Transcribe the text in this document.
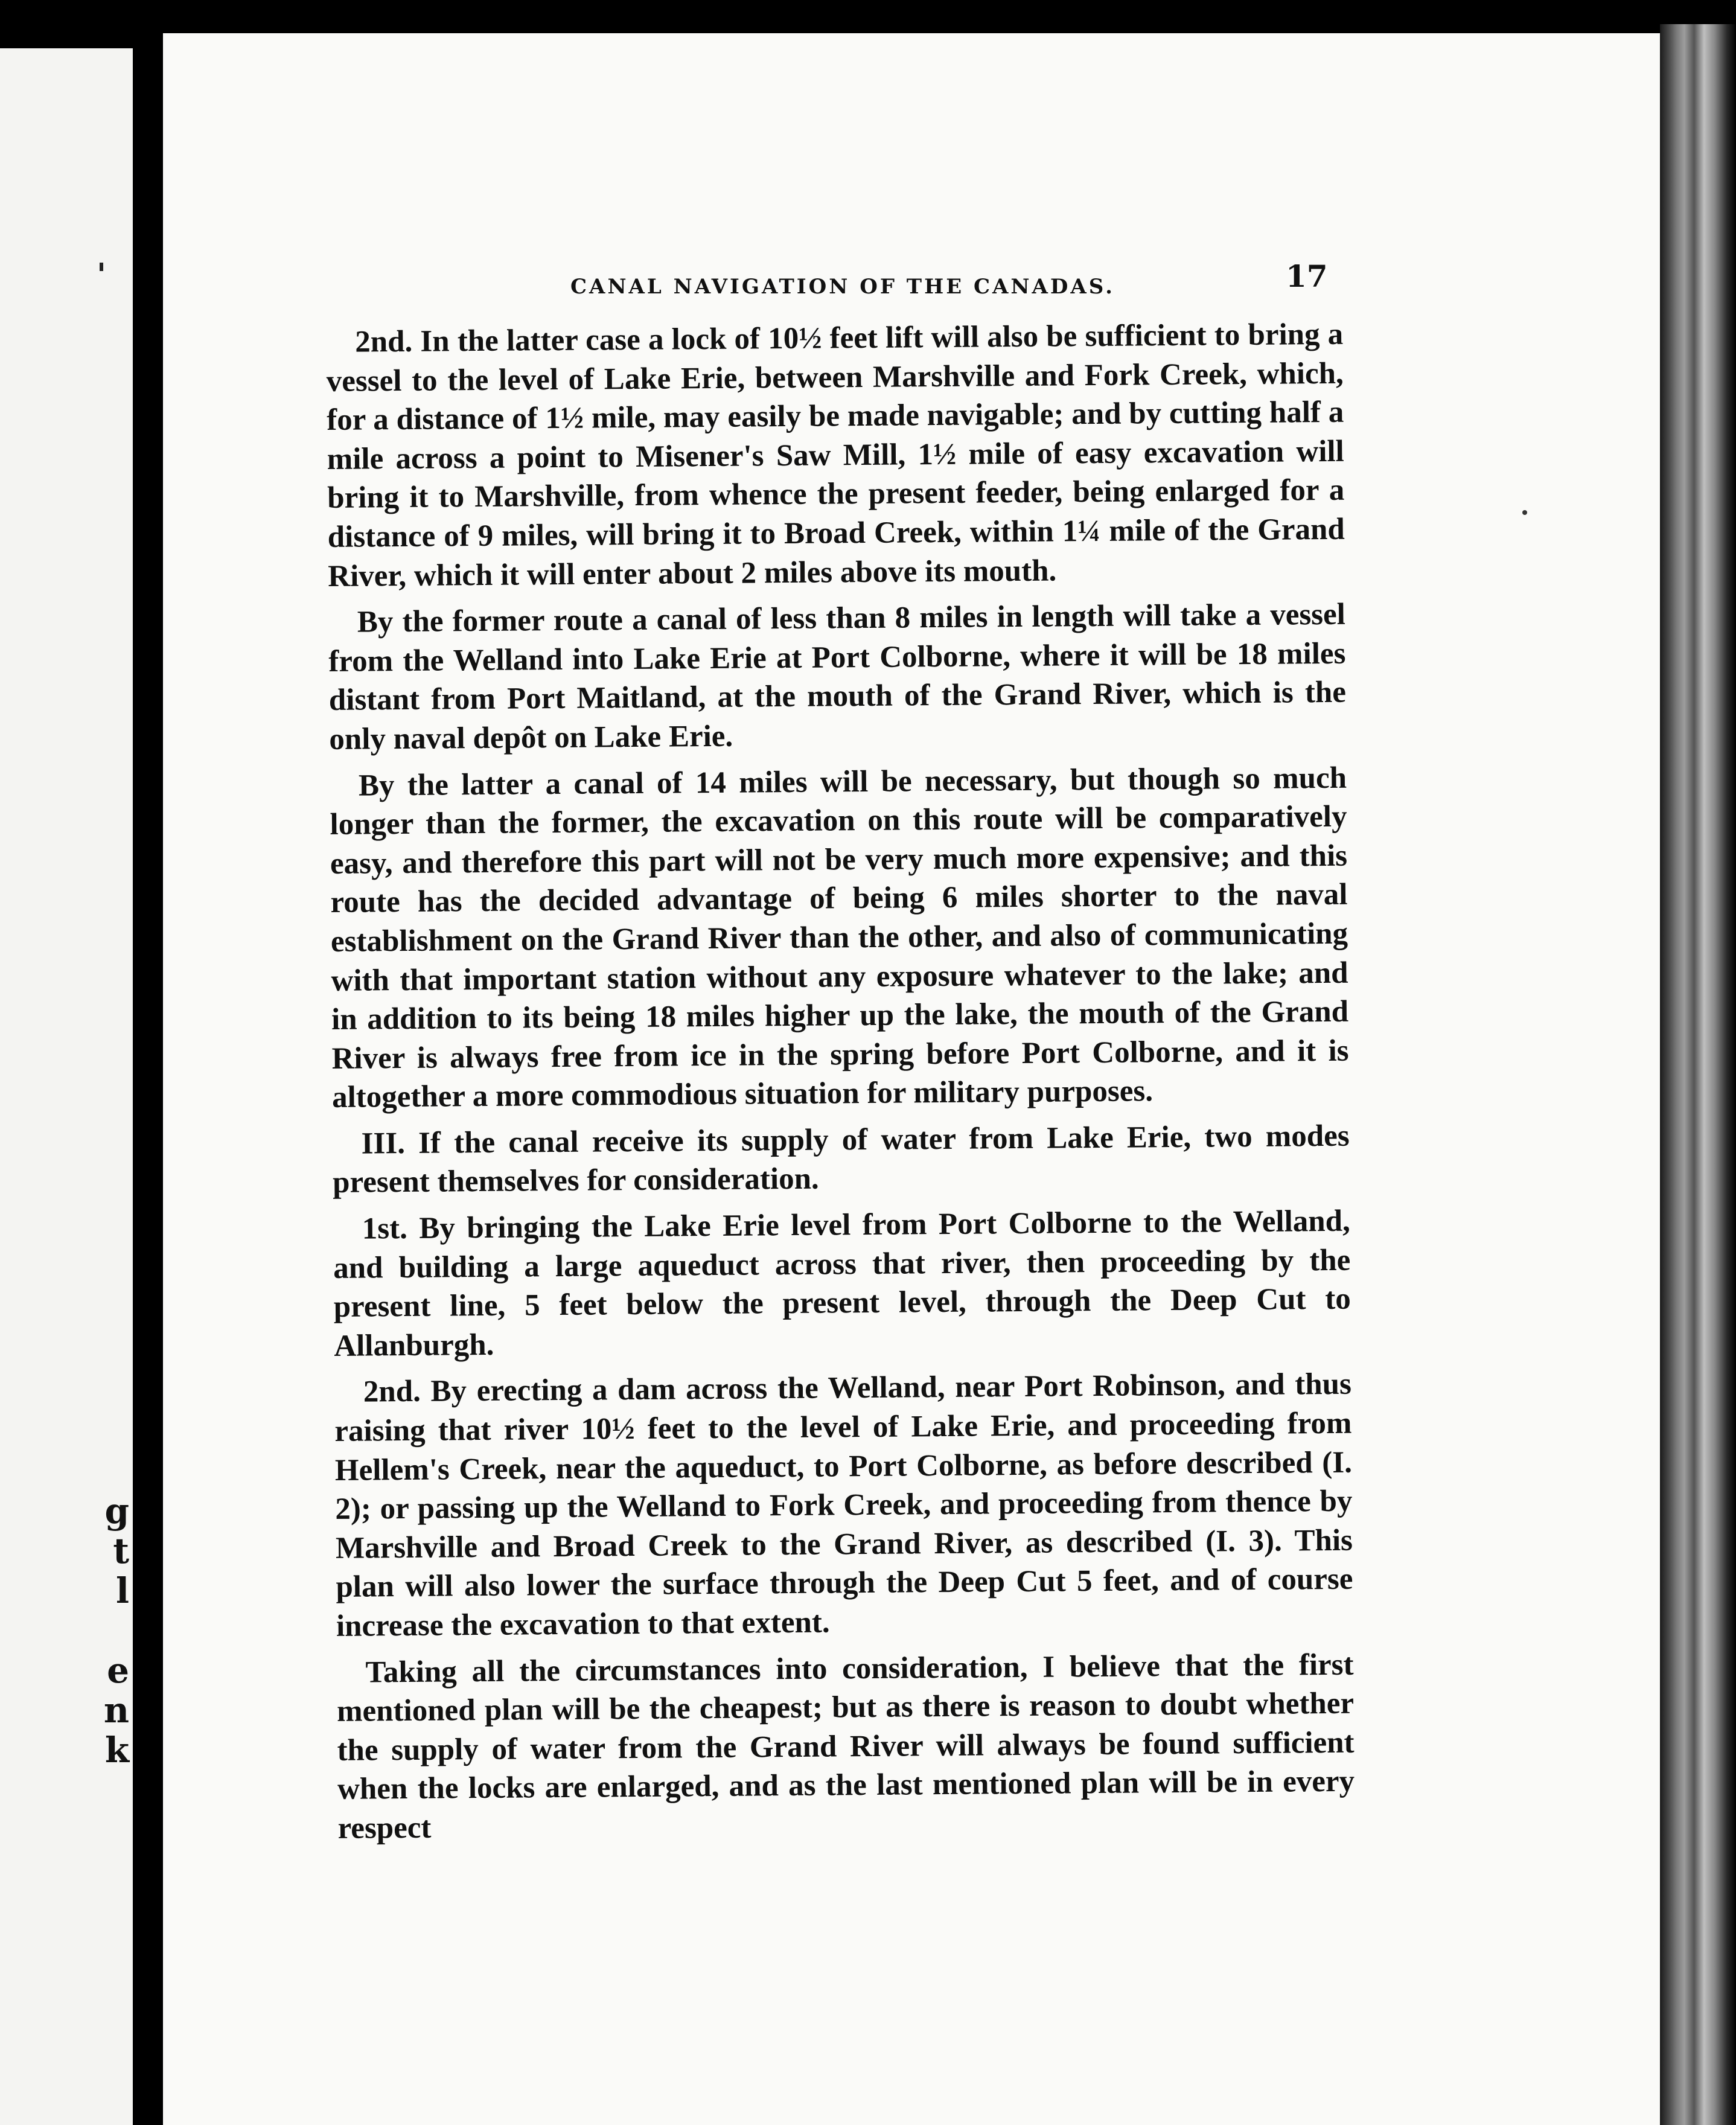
g
t
l
e
n
k
CANAL NAVIGATION OF THE CANADAS.	17

2nd. In the latter case a lock of 10½ feet lift will also be sufficient to bring a vessel to the level of Lake Erie, between Marshville and Fork Creek, which, for a distance of 1½ mile, may easily be made navigable; and by cutting half a mile across a point to Misener's Saw Mill, 1½ mile of easy excavation will bring it to Marshville, from whence the present feeder, being enlarged for a distance of 9 miles, will bring it to Broad Creek, within 1¼ mile of the Grand River, which it will enter about 2 miles above its mouth.

By the former route a canal of less than 8 miles in length will take a vessel from the Welland into Lake Erie at Port Colborne, where it will be 18 miles distant from Port Maitland, at the mouth of the Grand River, which is the only naval depôt on Lake Erie.

By the latter a canal of 14 miles will be necessary, but though so much longer than the former, the excavation on this route will be comparatively easy, and therefore this part will not be very much more expensive; and this route has the decided advantage of being 6 miles shorter to the naval establishment on the Grand River than the other, and also of communicating with that important station without any exposure whatever to the lake; and in addition to its being 18 miles higher up the lake, the mouth of the Grand River is always free from ice in the spring before Port Colborne, and it is altogether a more commodious situation for military purposes.

III. If the canal receive its supply of water from Lake Erie, two modes present themselves for consideration.

1st. By bringing the Lake Erie level from Port Colborne to the Welland, and building a large aqueduct across that river, then proceeding by the present line, 5 feet below the present level, through the Deep Cut to Allanburgh.

2nd. By erecting a dam across the Welland, near Port Robinson, and thus raising that river 10½ feet to the level of Lake Erie, and proceeding from Hellem's Creek, near the aqueduct, to Port Colborne, as before described (I. 2); or passing up the Welland to Fork Creek, and proceeding from thence by Marshville and Broad Creek to the Grand River, as described (I. 3). This plan will also lower the surface through the Deep Cut 5 feet, and of course increase the excavation to that extent.

Taking all the circumstances into consideration, I believe that the first mentioned plan will be the cheapest; but as there is reason to doubt whether the supply of water from the Grand River will always be found sufficient when the locks are enlarged, and as the last mentioned plan will be in every respect
